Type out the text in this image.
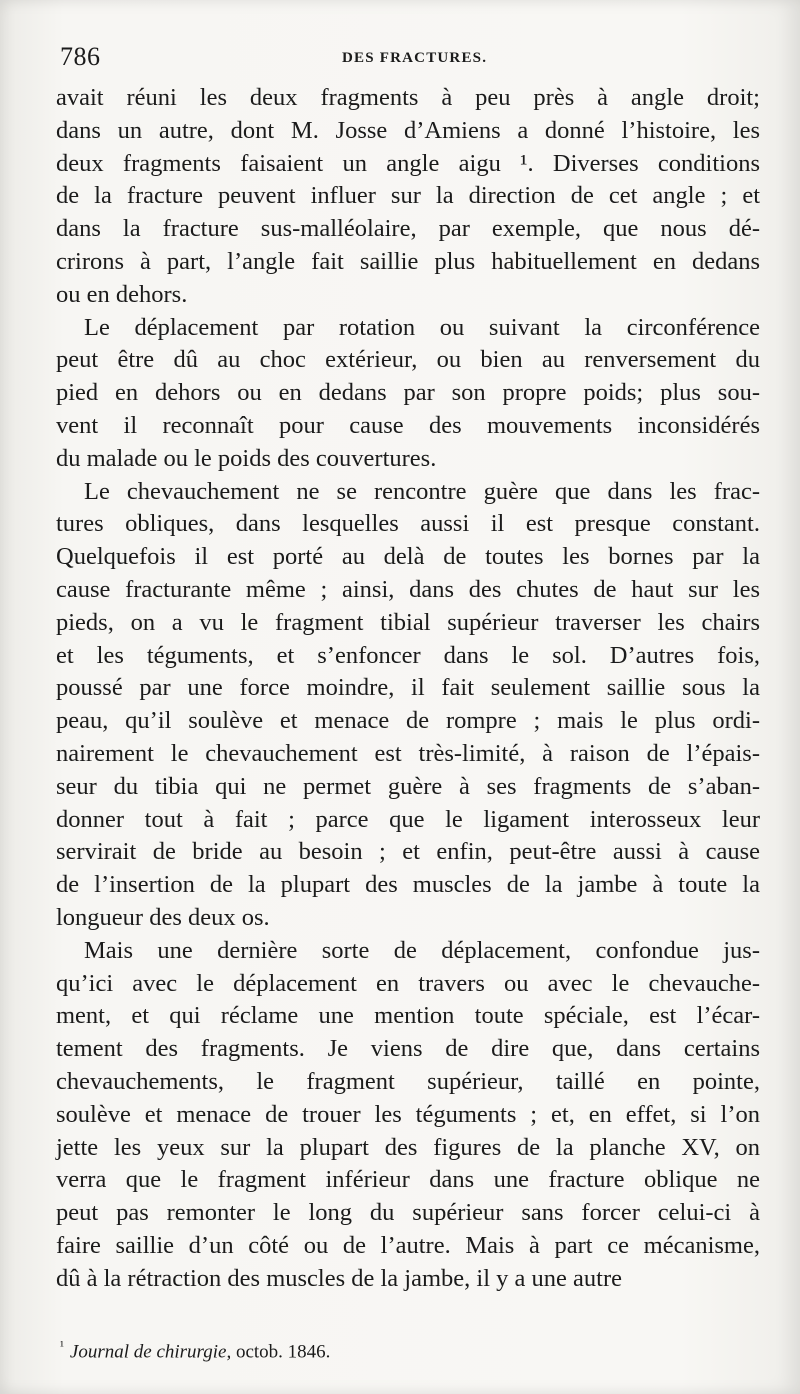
786	DES FRACTURES.
avait réuni les deux fragments à peu près à angle droit;
dans un autre, dont M. Josse d’Amiens a donné l’histoire, les
deux fragments faisaient un angle aigu ¹. Diverses conditions
de la fracture peuvent influer sur la direction de cet angle ; et
dans la fracture sus-malléolaire, par exemple, que nous dé-
crirons à part, l’angle fait saillie plus habituellement en dedans
ou en dehors.
Le déplacement par rotation ou suivant la circonférence
peut être dû au choc extérieur, ou bien au renversement du
pied en dehors ou en dedans par son propre poids; plus sou-
vent il reconnaît pour cause des mouvements inconsidérés
du malade ou le poids des couvertures.
Le chevauchement ne se rencontre guère que dans les frac-
tures obliques, dans lesquelles aussi il est presque constant.
Quelquefois il est porté au delà de toutes les bornes par la
cause fracturante même ; ainsi, dans des chutes de haut sur les
pieds, on a vu le fragment tibial supérieur traverser les chairs
et les téguments, et s’enfoncer dans le sol. D’autres fois,
poussé par une force moindre, il fait seulement saillie sous la
peau, qu’il soulève et menace de rompre ; mais le plus ordi-
nairement le chevauchement est très-limité, à raison de l’épais-
seur du tibia qui ne permet guère à ses fragments de s’aban-
donner tout à fait ; parce que le ligament interosseux leur
servirait de bride au besoin ; et enfin, peut-être aussi à cause
de l’insertion de la plupart des muscles de la jambe à toute la
longueur des deux os.
Mais une dernière sorte de déplacement, confondue jus-
qu’ici avec le déplacement en travers ou avec le chevauche-
ment, et qui réclame une mention toute spéciale, est l’écar-
tement des fragments. Je viens de dire que, dans certains
chevauchements, le fragment supérieur, taillé en pointe,
soulève et menace de trouer les téguments ; et, en effet, si l’on
jette les yeux sur la plupart des figures de la planche XV, on
verra que le fragment inférieur dans une fracture oblique ne
peut pas remonter le long du supérieur sans forcer celui-ci à
faire saillie d’un côté ou de l’autre. Mais à part ce mécanisme,
dû à la rétraction des muscles de la jambe, il y a une autre
$^{^1}$ Journal de chirurgie, octob. 1846.
